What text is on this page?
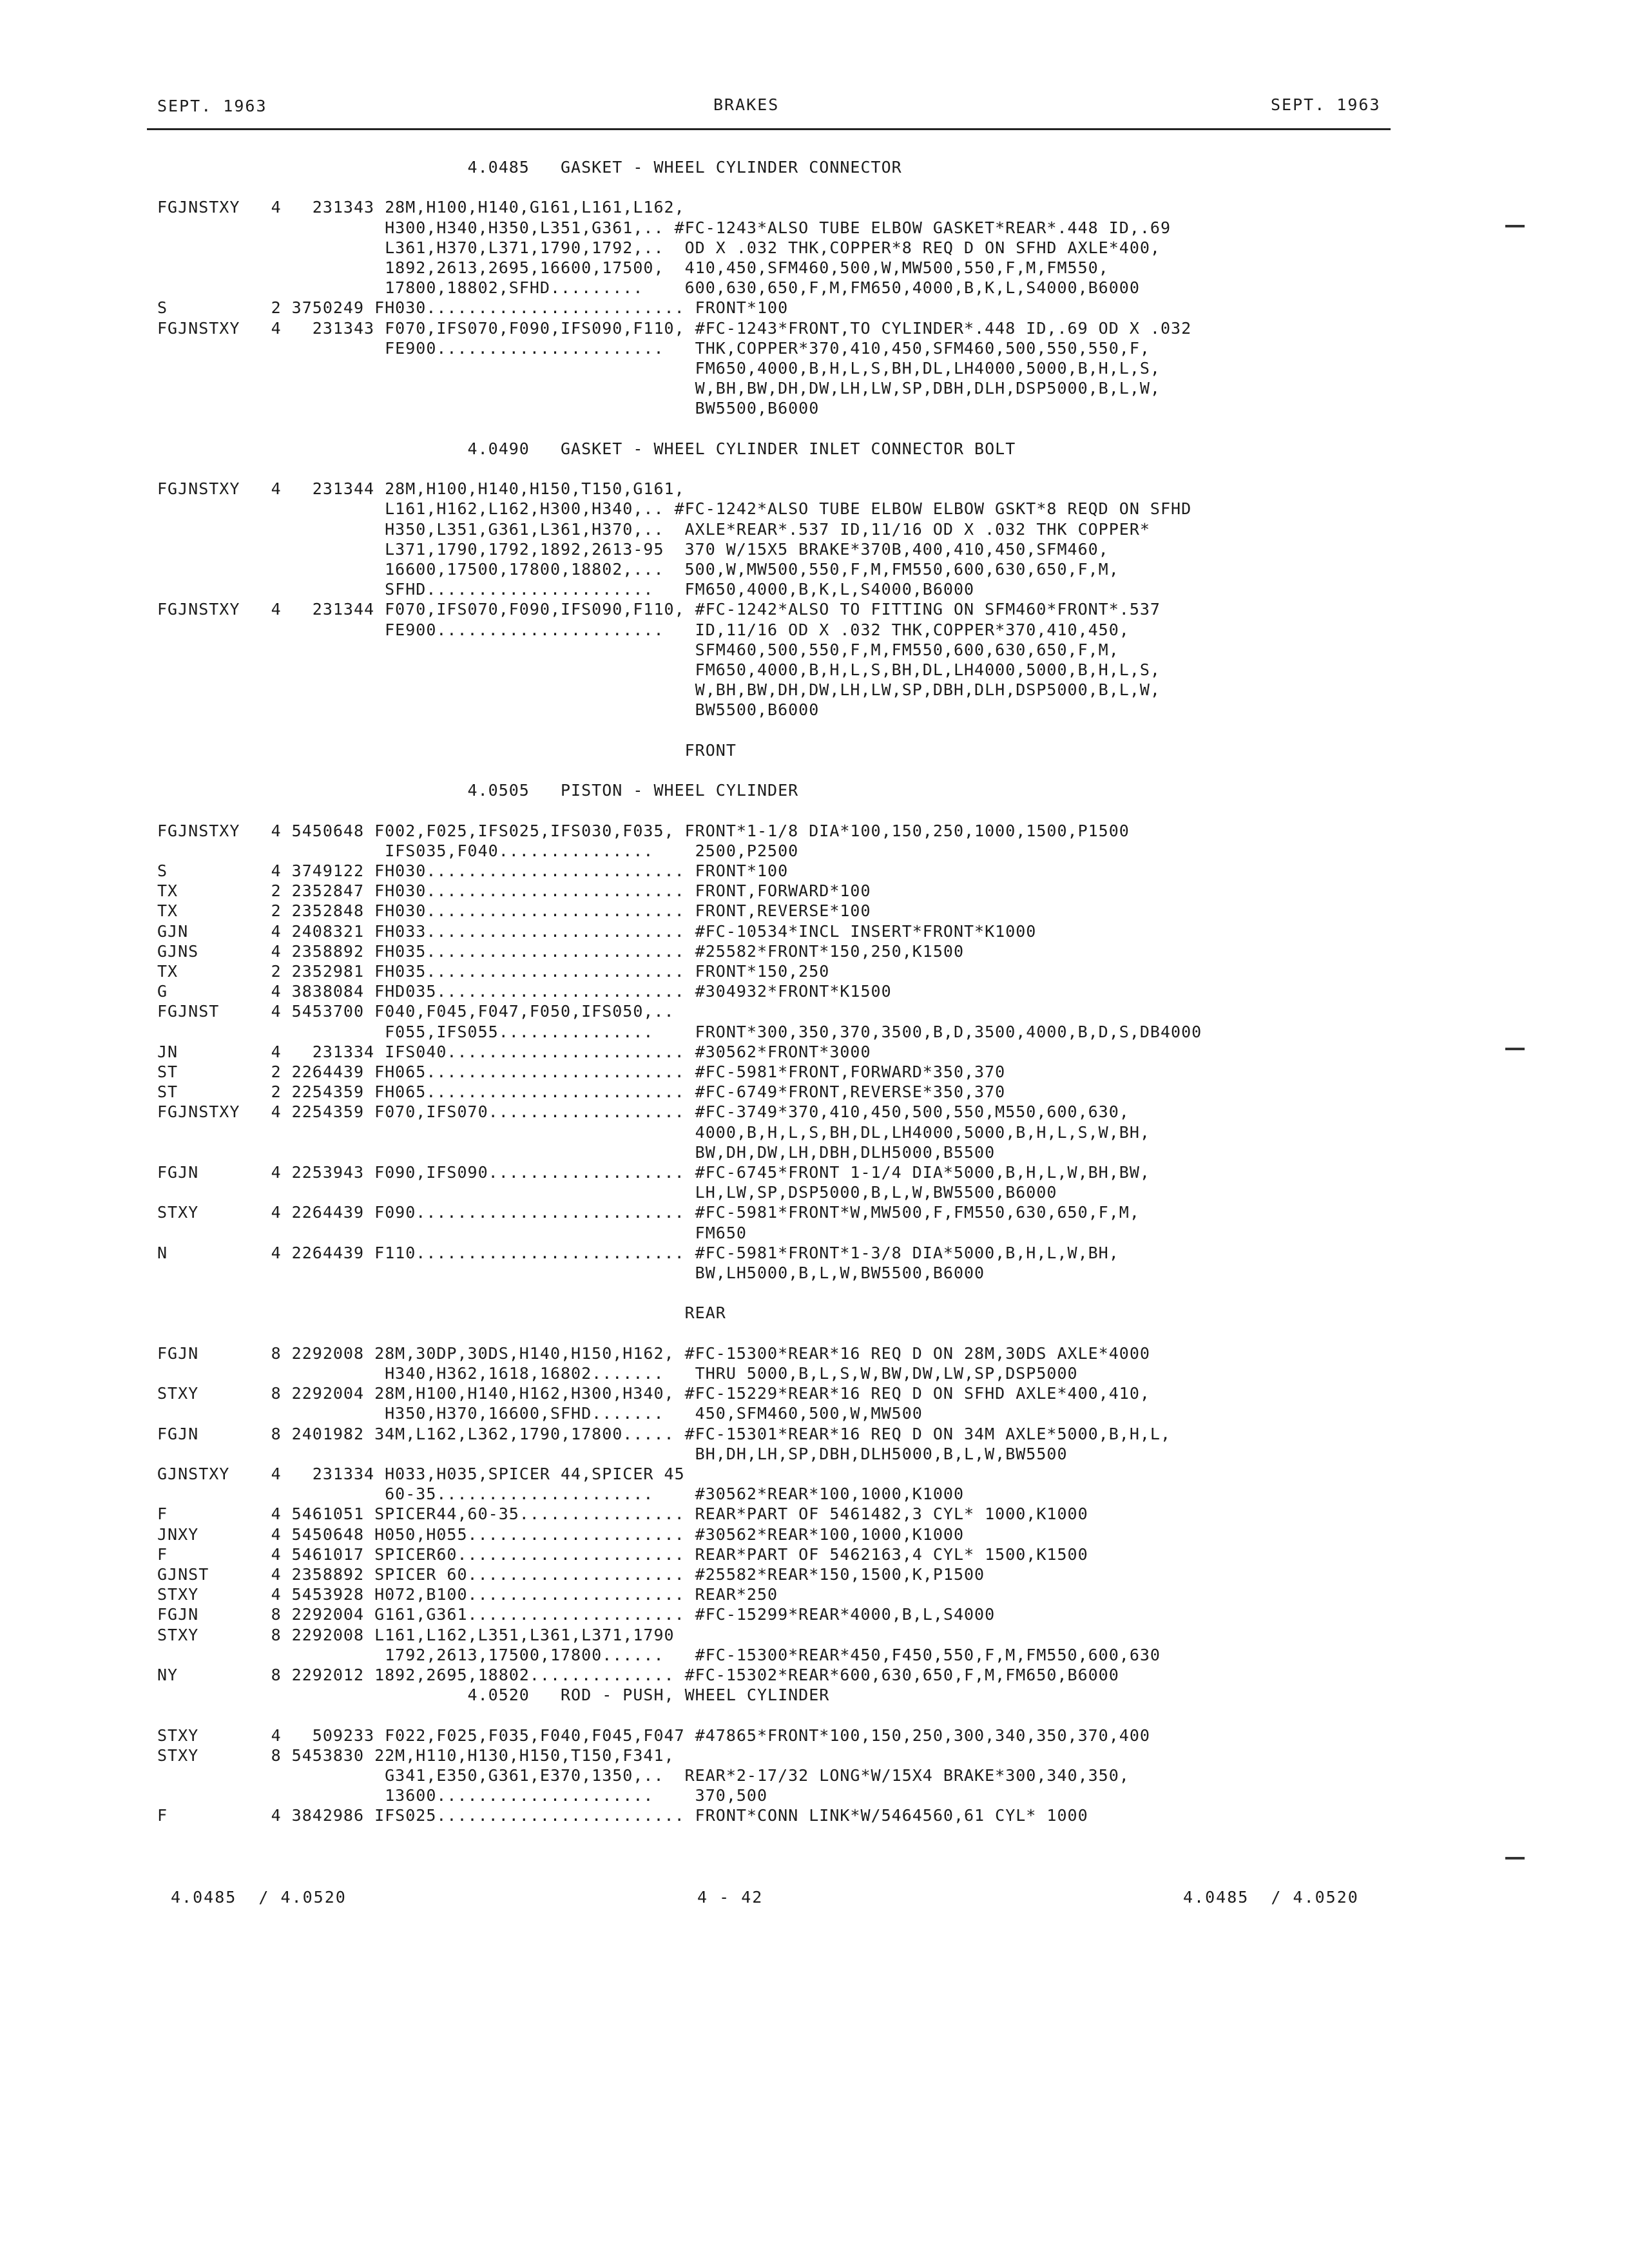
SEPT. 1963	BRAKES	SEPT. 1963
4.0485   GASKET - WHEEL CYLINDER CONNECTOR
FGJNSTXY   4   231343 28M,H100,H140,G161,L161,L162,
H300,H340,H350,L351,G361,.. #FC-1243*ALSO TUBE ELBOW GASKET*REAR*.448 ID,.69
L361,H370,L371,1790,1792,..  OD X .032 THK,COPPER*8 REQ D ON SFHD AXLE*400,
1892,2613,2695,16600,17500,  410,450,SFM460,500,W,MW500,550,F,M,FM550,
17800,18802,SFHD.........    600,630,650,F,M,FM650,4000,B,K,L,S4000,B6000
S          2 3750249 FH030......................... FRONT*100
FGJNSTXY   4   231343 F070,IFS070,F090,IFS090,F110, #FC-1243*FRONT,TO CYLINDER*.448 ID,.69 OD X .032
FE900......................   THK,COPPER*370,410,450,SFM460,500,550,550,F,
FM650,4000,B,H,L,S,BH,DL,LH4000,5000,B,H,L,S,
W,BH,BW,DH,DW,LH,LW,SP,DBH,DLH,DSP5000,B,L,W,
BW5500,B6000
4.0490   GASKET - WHEEL CYLINDER INLET CONNECTOR BOLT
FGJNSTXY   4   231344 28M,H100,H140,H150,T150,G161,
L161,H162,L162,H300,H340,.. #FC-1242*ALSO TUBE ELBOW ELBOW GSKT*8 REQD ON SFHD
H350,L351,G361,L361,H370,..  AXLE*REAR*.537 ID,11/16 OD X .032 THK COPPER*
L371,1790,1792,1892,2613-95  370 W/15X5 BRAKE*370B,400,410,450,SFM460,
16600,17500,17800,18802,...  500,W,MW500,550,F,M,FM550,600,630,650,F,M,
SFHD......................   FM650,4000,B,K,L,S4000,B6000
FGJNSTXY   4   231344 F070,IFS070,F090,IFS090,F110, #FC-1242*ALSO TO FITTING ON SFM460*FRONT*.537
FE900......................   ID,11/16 OD X .032 THK,COPPER*370,410,450,
SFM460,500,550,F,M,FM550,600,630,650,F,M,
FM650,4000,B,H,L,S,BH,DL,LH4000,5000,B,H,L,S,
W,BH,BW,DH,DW,LH,LW,SP,DBH,DLH,DSP5000,B,L,W,
BW5500,B6000
FRONT
4.0505   PISTON - WHEEL CYLINDER
FGJNSTXY   4 5450648 F002,F025,IFS025,IFS030,F035, FRONT*1-1/8 DIA*100,150,250,1000,1500,P1500
IFS035,F040...............    2500,P2500
S          4 3749122 FH030......................... FRONT*100
TX         2 2352847 FH030......................... FRONT,FORWARD*100
TX         2 2352848 FH030......................... FRONT,REVERSE*100
GJN        4 2408321 FH033......................... #FC-10534*INCL INSERT*FRONT*K1000
GJNS       4 2358892 FH035......................... #25582*FRONT*150,250,K1500
TX         2 2352981 FH035......................... FRONT*150,250
G          4 3838084 FHD035........................ #304932*FRONT*K1500
FGJNST     4 5453700 F040,F045,F047,F050,IFS050,..
F055,IFS055...............    FRONT*300,350,370,3500,B,D,3500,4000,B,D,S,DB4000
JN         4   231334 IFS040....................... #30562*FRONT*3000
ST         2 2264439 FH065......................... #FC-5981*FRONT,FORWARD*350,370
ST         2 2254359 FH065......................... #FC-6749*FRONT,REVERSE*350,370
FGJNSTXY   4 2254359 F070,IFS070................... #FC-3749*370,410,450,500,550,M550,600,630,
4000,B,H,L,S,BH,DL,LH4000,5000,B,H,L,S,W,BH,
BW,DH,DW,LH,DBH,DLH5000,B5500
FGJN       4 2253943 F090,IFS090................... #FC-6745*FRONT 1-1/4 DIA*5000,B,H,L,W,BH,BW,
LH,LW,SP,DSP5000,B,L,W,BW5500,B6000
STXY       4 2264439 F090.......................... #FC-5981*FRONT*W,MW500,F,FM550,630,650,F,M,
FM650
N          4 2264439 F110.......................... #FC-5981*FRONT*1-3/8 DIA*5000,B,H,L,W,BH,
BW,LH5000,B,L,W,BW5500,B6000
REAR
FGJN       8 2292008 28M,30DP,30DS,H140,H150,H162, #FC-15300*REAR*16 REQ D ON 28M,30DS AXLE*4000
H340,H362,1618,16802.......   THRU 5000,B,L,S,W,BW,DW,LW,SP,DSP5000
STXY       8 2292004 28M,H100,H140,H162,H300,H340, #FC-15229*REAR*16 REQ D ON SFHD AXLE*400,410,
H350,H370,16600,SFHD.......   450,SFM460,500,W,MW500
FGJN       8 2401982 34M,L162,L362,1790,17800..... #FC-15301*REAR*16 REQ D ON 34M AXLE*5000,B,H,L,
BH,DH,LH,SP,DBH,DLH5000,B,L,W,BW5500
GJNSTXY    4   231334 H033,H035,SPICER 44,SPICER 45
60-35.....................    #30562*REAR*100,1000,K1000
F          4 5461051 SPICER44,60-35................ REAR*PART OF 5461482,3 CYL* 1000,K1000
JNXY       4 5450648 H050,H055..................... #30562*REAR*100,1000,K1000
F          4 5461017 SPICER60...................... REAR*PART OF 5462163,4 CYL* 1500,K1500
GJNST      4 2358892 SPICER 60..................... #25582*REAR*150,1500,K,P1500
STXY       4 5453928 H072,B100..................... REAR*250
FGJN       8 2292004 G161,G361..................... #FC-15299*REAR*4000,B,L,S4000
STXY       8 2292008 L161,L162,L351,L361,L371,1790
1792,2613,17500,17800......   #FC-15300*REAR*450,F450,550,F,M,FM550,600,630
NY         8 2292012 1892,2695,18802.............. #FC-15302*REAR*600,630,650,F,M,FM650,B6000
4.0520   ROD - PUSH, WHEEL CYLINDER
STXY       4   509233 F022,F025,F035,F040,F045,F047 #47865*FRONT*100,150,250,300,340,350,370,400
STXY       8 5453830 22M,H110,H130,H150,T150,F341,
G341,E350,G361,E370,1350,..  REAR*2-17/32 LONG*W/15X4 BRAKE*300,340,350,
13600.....................    370,500
F          4 3842986 IFS025........................ FRONT*CONN LINK*W/5464560,61 CYL* 1000
4.0485  / 4.0520	4 - 42	4.0485  / 4.0520
